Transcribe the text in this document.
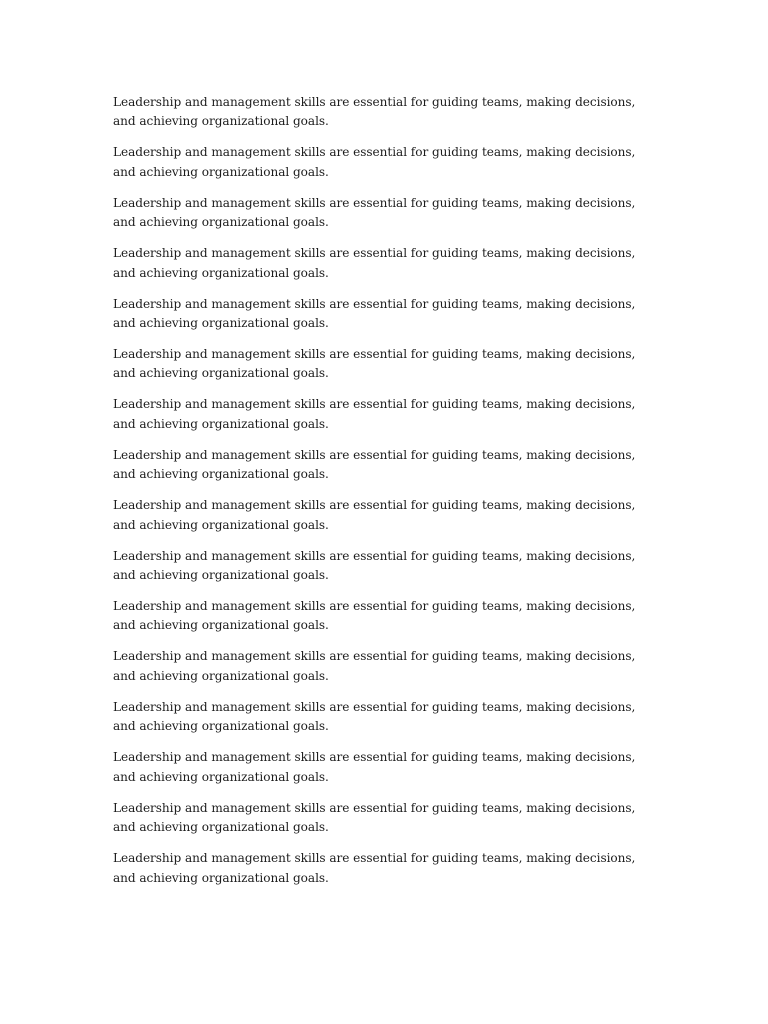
Leadership and management skills are essential for guiding teams, making decisions, and achieving organizational goals.

Leadership and management skills are essential for guiding teams, making decisions, and achieving organizational goals.

Leadership and management skills are essential for guiding teams, making decisions, and achieving organizational goals.

Leadership and management skills are essential for guiding teams, making decisions, and achieving organizational goals.

Leadership and management skills are essential for guiding teams, making decisions, and achieving organizational goals.

Leadership and management skills are essential for guiding teams, making decisions, and achieving organizational goals.

Leadership and management skills are essential for guiding teams, making decisions, and achieving organizational goals.

Leadership and management skills are essential for guiding teams, making decisions, and achieving organizational goals.

Leadership and management skills are essential for guiding teams, making decisions, and achieving organizational goals.

Leadership and management skills are essential for guiding teams, making decisions, and achieving organizational goals.

Leadership and management skills are essential for guiding teams, making decisions, and achieving organizational goals.

Leadership and management skills are essential for guiding teams, making decisions, and achieving organizational goals.

Leadership and management skills are essential for guiding teams, making decisions, and achieving organizational goals.

Leadership and management skills are essential for guiding teams, making decisions, and achieving organizational goals.

Leadership and management skills are essential for guiding teams, making decisions, and achieving organizational goals.

Leadership and management skills are essential for guiding teams, making decisions, and achieving organizational goals.
